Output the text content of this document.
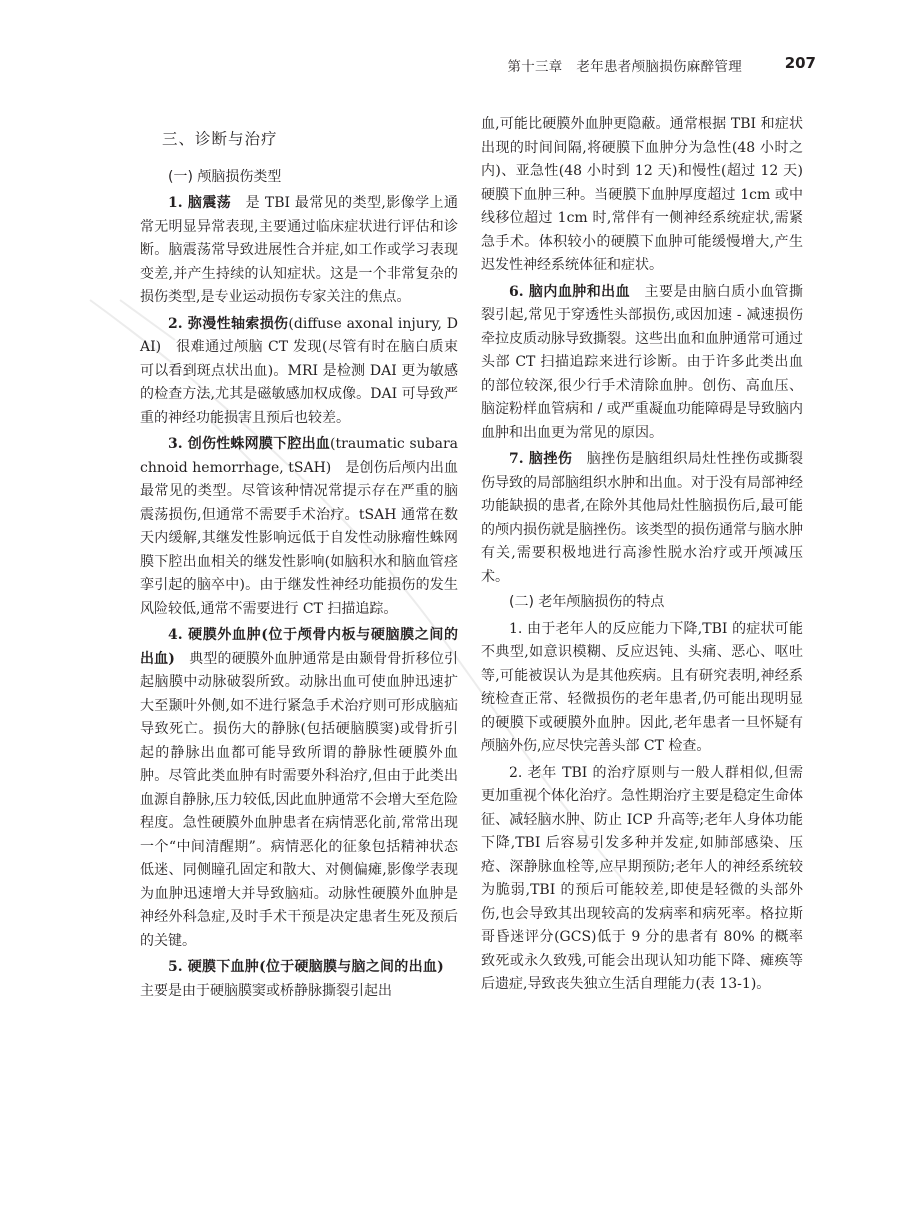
第十三章　老年患者颅脑损伤麻醉管理	207

三、诊断与治疗

(一) 颅脑损伤类型

1. 脑震荡　是 TBI 最常见的类型,影像学上通常无明显异常表现,主要通过临床症状进行评估和诊断。脑震荡常导致进展性合并症,如工作或学习表现变差,并产生持续的认知症状。这是一个非常复杂的损伤类型,是专业运动损伤专家关注的焦点。

2. 弥漫性轴索损伤(diffuse axonal injury, DAI)　很难通过颅脑 CT 发现(尽管有时在脑白质束可以看到斑点状出血)。MRI 是检测 DAI 更为敏感的检查方法,尤其是磁敏感加权成像。DAI 可导致严重的神经功能损害且预后也较差。

3. 创伤性蛛网膜下腔出血(traumatic subarachnoid hemorrhage, tSAH)　是创伤后颅内出血最常见的类型。尽管该种情况常提示存在严重的脑震荡损伤,但通常不需要手术治疗。tSAH 通常在数天内缓解,其继发性影响远低于自发性动脉瘤性蛛网膜下腔出血相关的继发性影响(如脑积水和脑血管痉挛引起的脑卒中)。由于继发性神经功能损伤的发生风险较低,通常不需要进行 CT 扫描追踪。

4. 硬膜外血肿(位于颅骨内板与硬脑膜之间的出血)　典型的硬膜外血肿通常是由颞骨骨折移位引起脑膜中动脉破裂所致。动脉出血可使血肿迅速扩大至颞叶外侧,如不进行紧急手术治疗则可形成脑疝导致死亡。损伤大的静脉(包括硬脑膜窦)或骨折引起的静脉出血都可能导致所谓的静脉性硬膜外血肿。尽管此类血肿有时需要外科治疗,但由于此类出血源自静脉,压力较低,因此血肿通常不会增大至危险程度。急性硬膜外血肿患者在病情恶化前,常常出现一个“中间清醒期”。病情恶化的征象包括精神状态低迷、同侧瞳孔固定和散大、对侧偏瘫,影像学表现为血肿迅速增大并导致脑疝。动脉性硬膜外血肿是神经外科急症,及时手术干预是决定患者生死及预后的关键。

5. 硬膜下血肿(位于硬脑膜与脑之间的出血)　主要是由于硬脑膜窦或桥静脉撕裂引起出

血,可能比硬膜外血肿更隐蔽。通常根据 TBI 和症状出现的时间间隔,将硬膜下血肿分为急性(48 小时之内)、亚急性(48 小时到 12 天)和慢性(超过 12 天)硬膜下血肿三种。当硬膜下血肿厚度超过 1cm 或中线移位超过 1cm 时,常伴有一侧神经系统症状,需紧急手术。体积较小的硬膜下血肿可能缓慢增大,产生迟发性神经系统体征和症状。

6. 脑内血肿和出血　主要是由脑白质小血管撕裂引起,常见于穿透性头部损伤,或因加速 - 减速损伤牵拉皮质动脉导致撕裂。这些出血和血肿通常可通过头部 CT 扫描追踪来进行诊断。由于许多此类出血的部位较深,很少行手术清除血肿。创伤、高血压、脑淀粉样血管病和 / 或严重凝血功能障碍是导致脑内血肿和出血更为常见的原因。

7. 脑挫伤　脑挫伤是脑组织局灶性挫伤或撕裂伤导致的局部脑组织水肿和出血。对于没有局部神经功能缺损的患者,在除外其他局灶性脑损伤后,最可能的颅内损伤就是脑挫伤。该类型的损伤通常与脑水肿有关,需要积极地进行高渗性脱水治疗或开颅减压术。

(二) 老年颅脑损伤的特点

1. 由于老年人的反应能力下降,TBI 的症状可能不典型,如意识模糊、反应迟钝、头痛、恶心、呕吐等,可能被误认为是其他疾病。且有研究表明,神经系统检查正常、轻微损伤的老年患者,仍可能出现明显的硬膜下或硬膜外血肿。因此,老年患者一旦怀疑有颅脑外伤,应尽快完善头部 CT 检查。

2. 老年 TBI 的治疗原则与一般人群相似,但需更加重视个体化治疗。急性期治疗主要是稳定生命体征、减轻脑水肿、防止 ICP 升高等;老年人身体功能下降,TBI 后容易引发多种并发症,如肺部感染、压疮、深静脉血栓等,应早期预防;老年人的神经系统较为脆弱,TBI 的预后可能较差,即使是轻微的头部外伤,也会导致其出现较高的发病率和病死率。格拉斯哥昏迷评分(GCS)低于 9 分的患者有 80% 的概率致死或永久致残,可能会出现认知功能下降、瘫痪等后遗症,导致丧失独立生活自理能力(表 13-1)。
